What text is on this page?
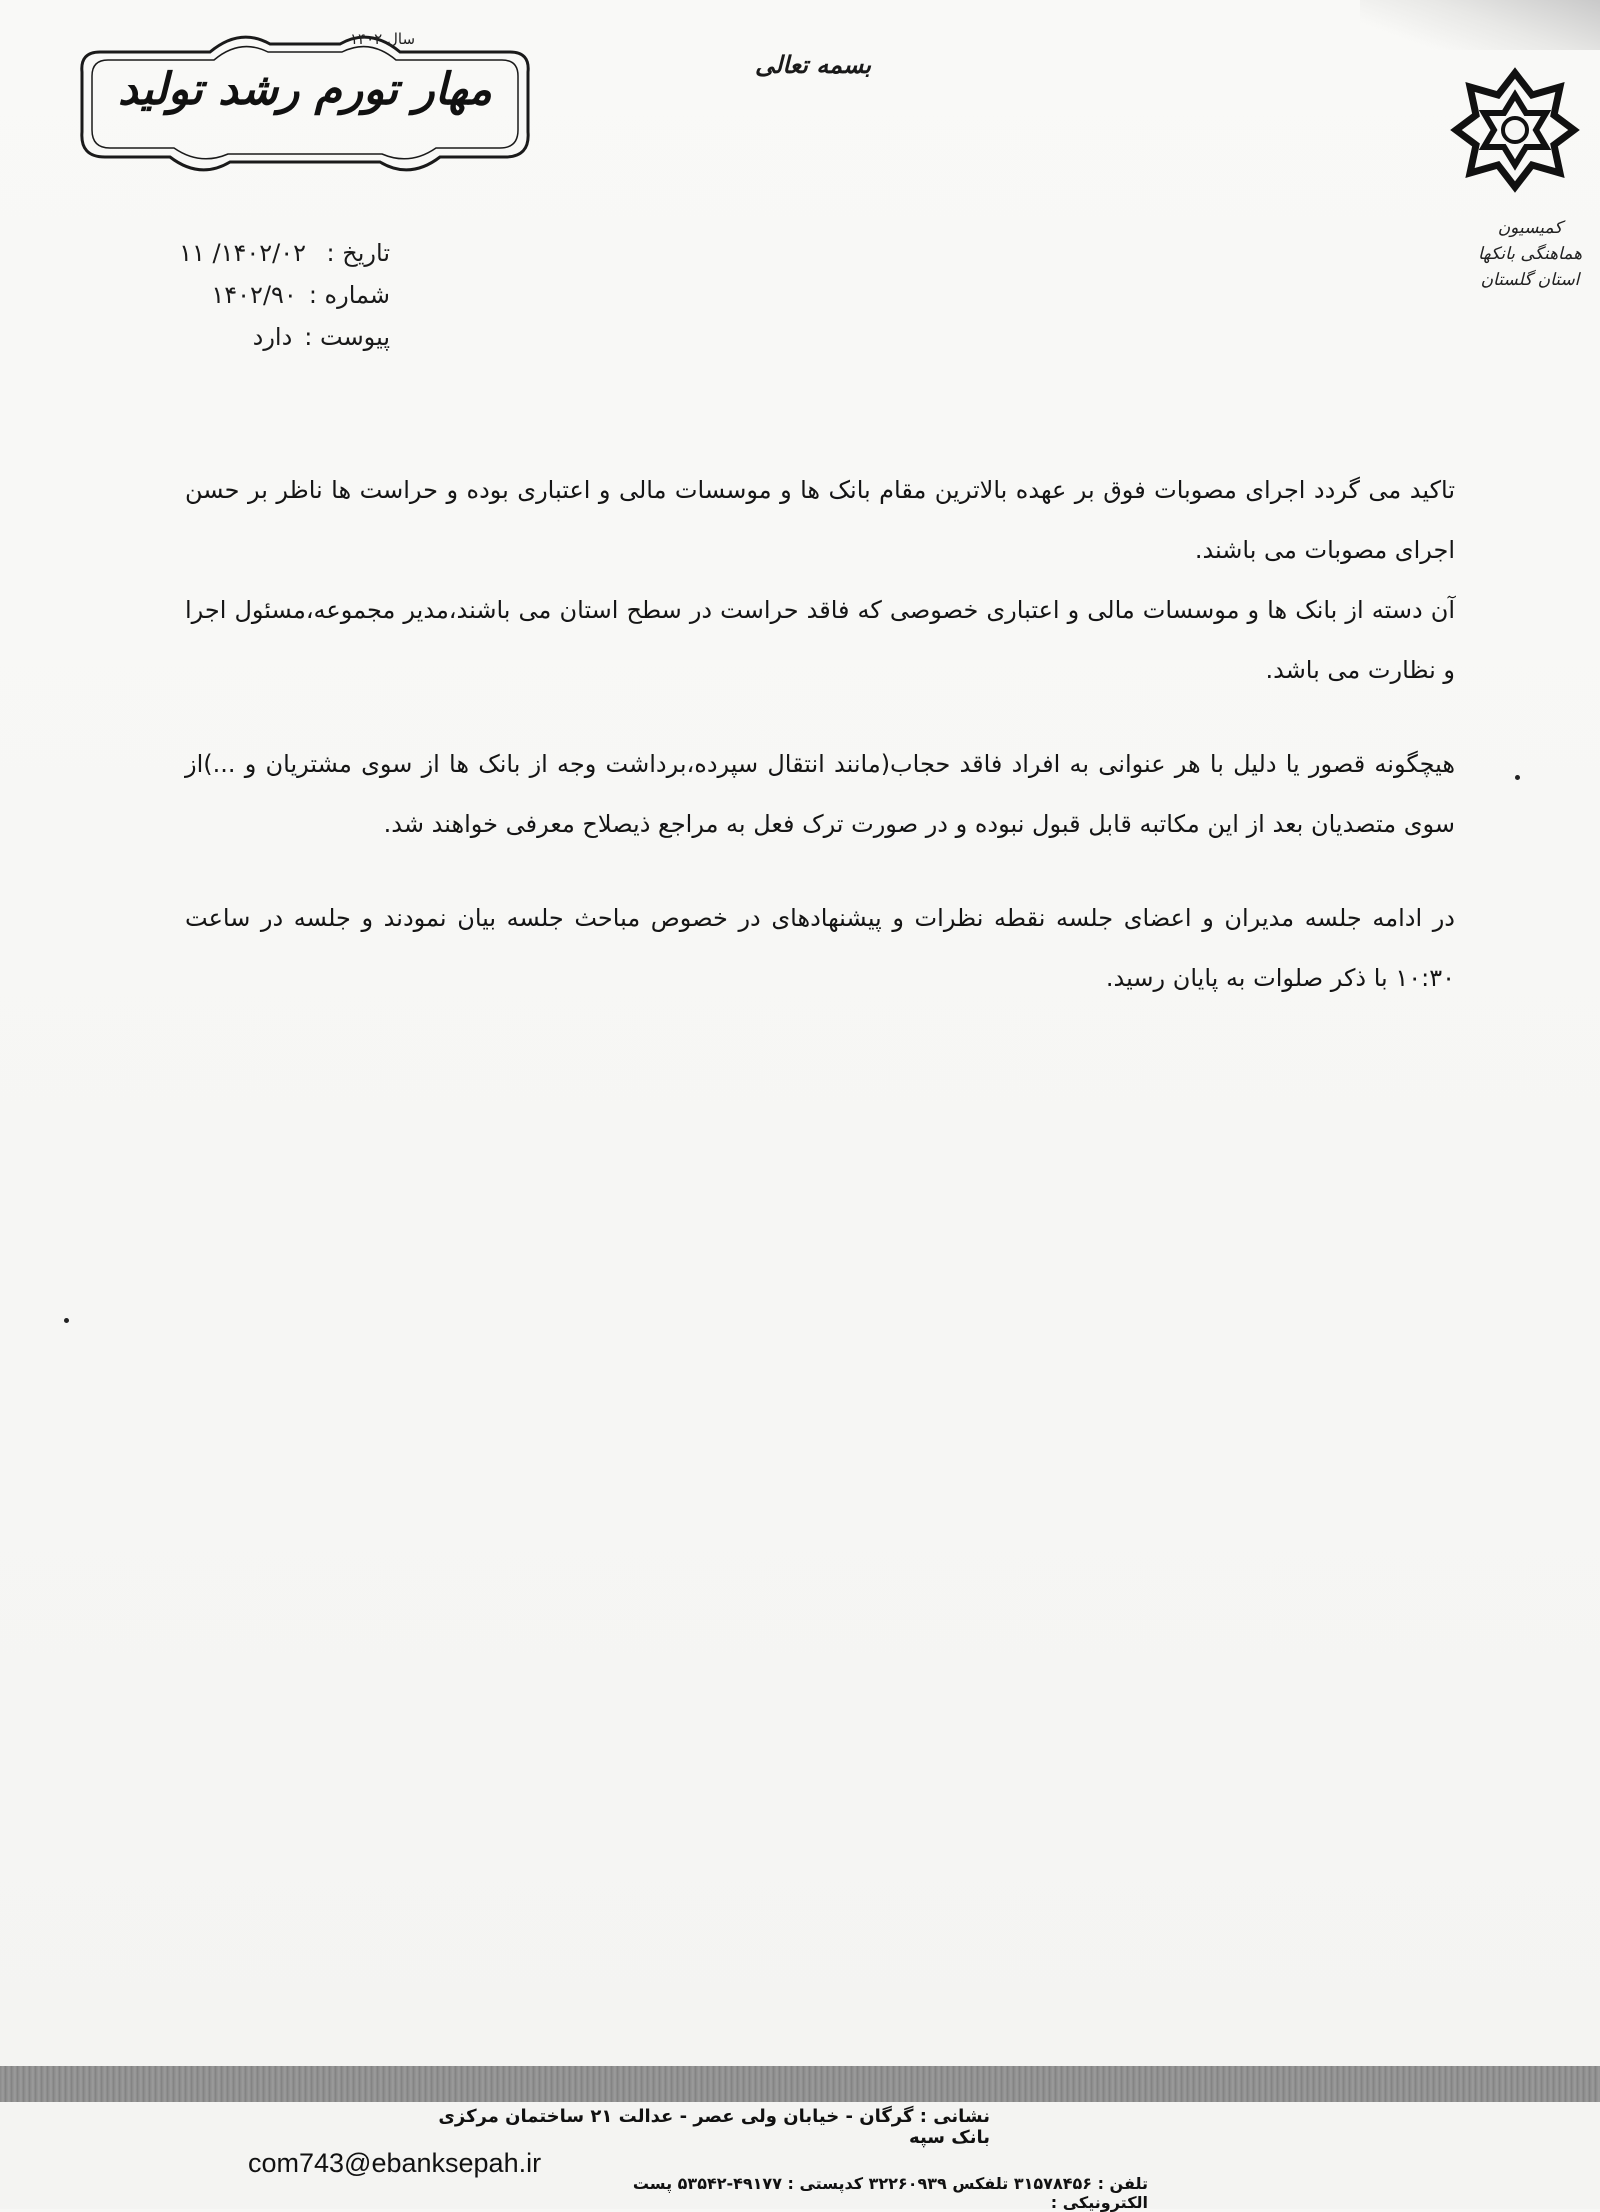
سال ۱۴۰۲
مهار تورم رشد تولید	بسمه تعالی
کمیسیون هماهنگی بانکها
استان گلستان
تاریخ :
۱۴۰۲/۰۲/ ۱۱
شماره :
۱۴۰۲/۹۰
پیوست :
دارد

تاکید می گردد اجرای مصوبات فوق بر عهده بالاترین مقام بانک ها و موسسات مالی و اعتباری بوده و حراست ها ناظر بر حسن اجرای مصوبات می باشند.

آن دسته از بانک ها و موسسات مالی و اعتباری خصوصی که فاقد حراست در سطح استان می باشند،مدیر مجموعه،مسئول اجرا و نظارت می باشد.

هیچگونه قصور یا دلیل با هر عنوانی به افراد فاقد حجاب(مانند انتقال سپرده،برداشت وجه از بانک ها از سوی مشتریان و ...)از سوی متصدیان بعد از این مکاتبه قابل قبول نبوده و در صورت ترک فعل به مراجع ذیصلاح معرفی خواهند شد.

در ادامه جلسه مدیران و اعضای جلسه نقطه نظرات و پیشنهادهای در خصوص مباحث جلسه بیان نمودند و جلسه در ساعت ۱۰:۳۰ با ذکر صلوات به پایان رسید.

نشانی : گرگان - خیابان ولی عصر - عدالت ۲۱ ساختمان مرکزی بانک سپه
com743@ebanksepah.ir
تلفن : ۳۱۵۷۸۴۵۶ تلفکس ۳۲۲۶۰۹۳۹ کدپستی : ۴۹۱۷۷-۵۳۵۴۲ پست الکترونیکی :
